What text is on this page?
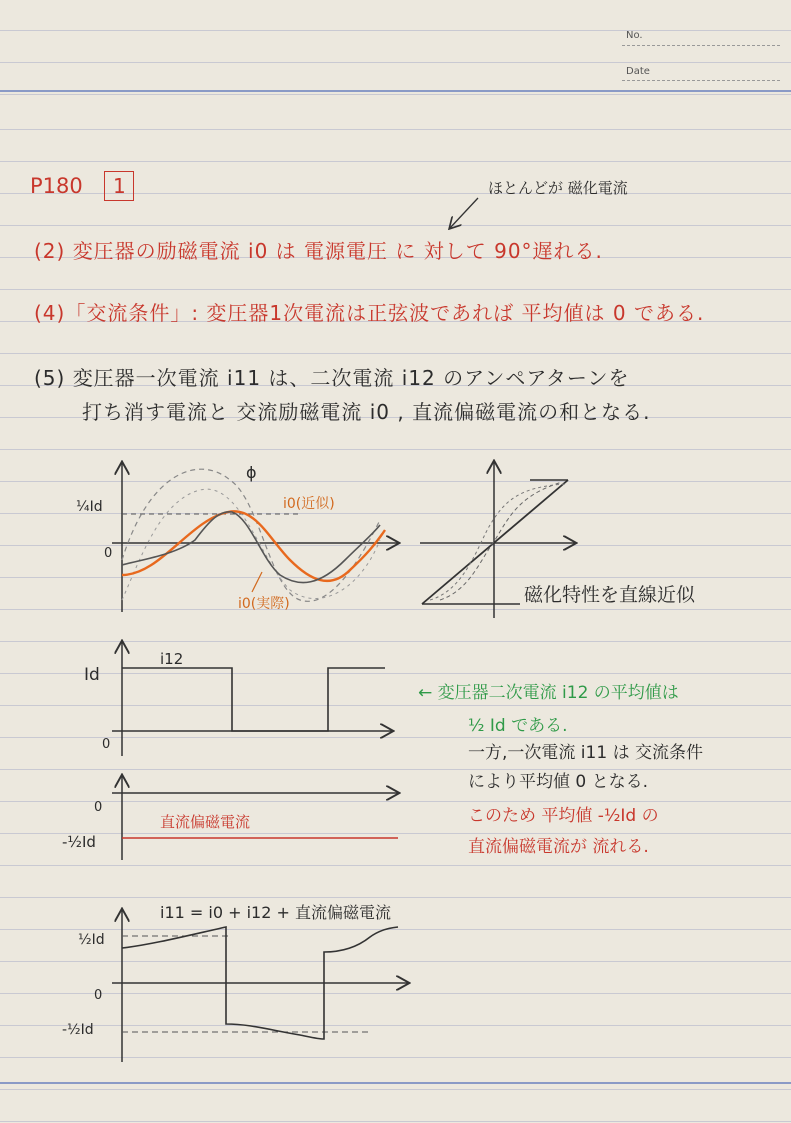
No.
Date
P180 1	ほとんどが 磁化電流
(2) 変圧器の励磁電流 i0 は 電源電圧 に 対して 90°遅れる.
(4)「交流条件」: 変圧器1次電流は正弦波であれば 平均値は 0 である.
(5) 変圧器一次電流 i11 は、二次電流 i12 のアンペアターンを
打ち消す電流と 交流励磁電流 i0 , 直流偏磁電流の和となる.
¼Id
0
ϕ
i0(近似)
i0(実際)	磁化特性を直線近似
Id
0
i12
← 変圧器二次電流 i12 の平均値は
½ Id である.
一方,一次電流 i11 は 交流条件
により平均値 0 となる.
このため 平均値 -½Id の
直流偏磁電流が 流れる.
0
-½Id
直流偏磁電流
i11 = i0 + i12 + 直流偏磁電流
½Id
0
-½Id
